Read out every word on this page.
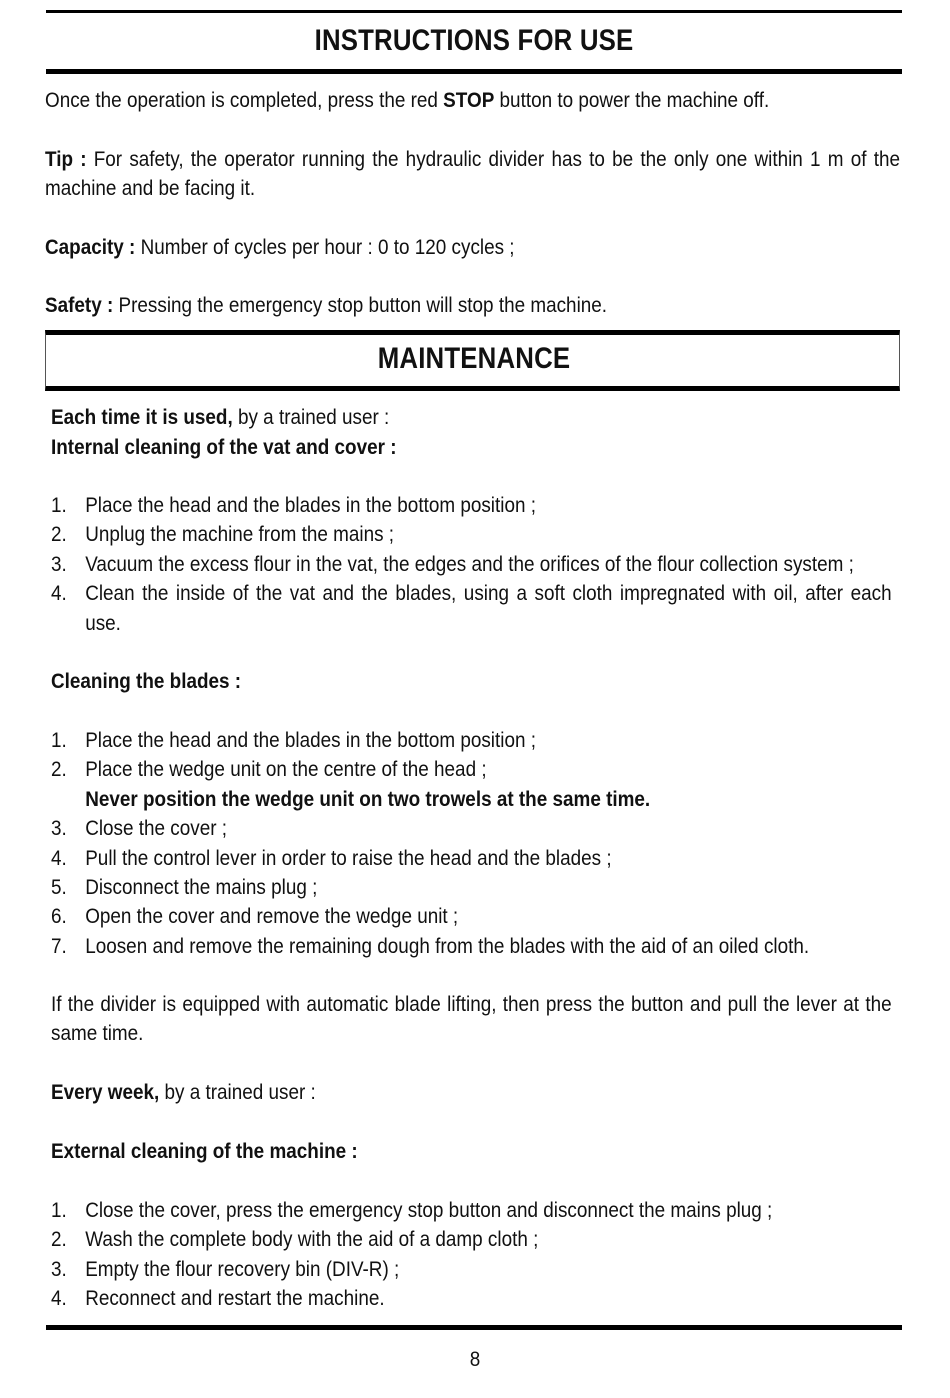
INSTRUCTIONS FOR USE
Once the operation is completed, press the red STOP button to power the machine off.
Tip : For safety, the operator running the hydraulic divider has to be the only one within 1 m of the machine and be facing it.
Capacity : Number of cycles per hour : 0 to 120 cycles ;
Safety : Pressing the emergency stop button will stop the machine.
MAINTENANCE
Each time it is used, by a trained user :
Internal cleaning of the vat and cover :
1. Place the head and the blades in the bottom position ;
2. Unplug the machine from the mains ;
3. Vacuum the excess flour in the vat, the edges and the orifices of the flour collection system ;
4. Clean the inside of the vat and the blades, using a soft cloth impregnated with oil, after each use.
Cleaning the blades :
1. Place the head and the blades in the bottom position ;
2. Place the wedge unit on the centre of the head ;
Never position the wedge unit on two trowels at the same time.
3. Close the cover ;
4. Pull the control lever in order to raise the head and the blades ;
5. Disconnect the mains plug ;
6. Open the cover and remove the wedge unit ;
7. Loosen and remove the remaining dough from the blades with the aid of an oiled cloth.
If the divider is equipped with automatic blade lifting, then press the button and pull the lever at the same time.
Every week, by a trained user :
External cleaning of the machine :
1. Close the cover, press the emergency stop button and disconnect the mains plug ;
2. Wash the complete body with the aid of a damp cloth ;
3. Empty the flour recovery bin (DIV-R) ;
4. Reconnect and restart the machine.
8
